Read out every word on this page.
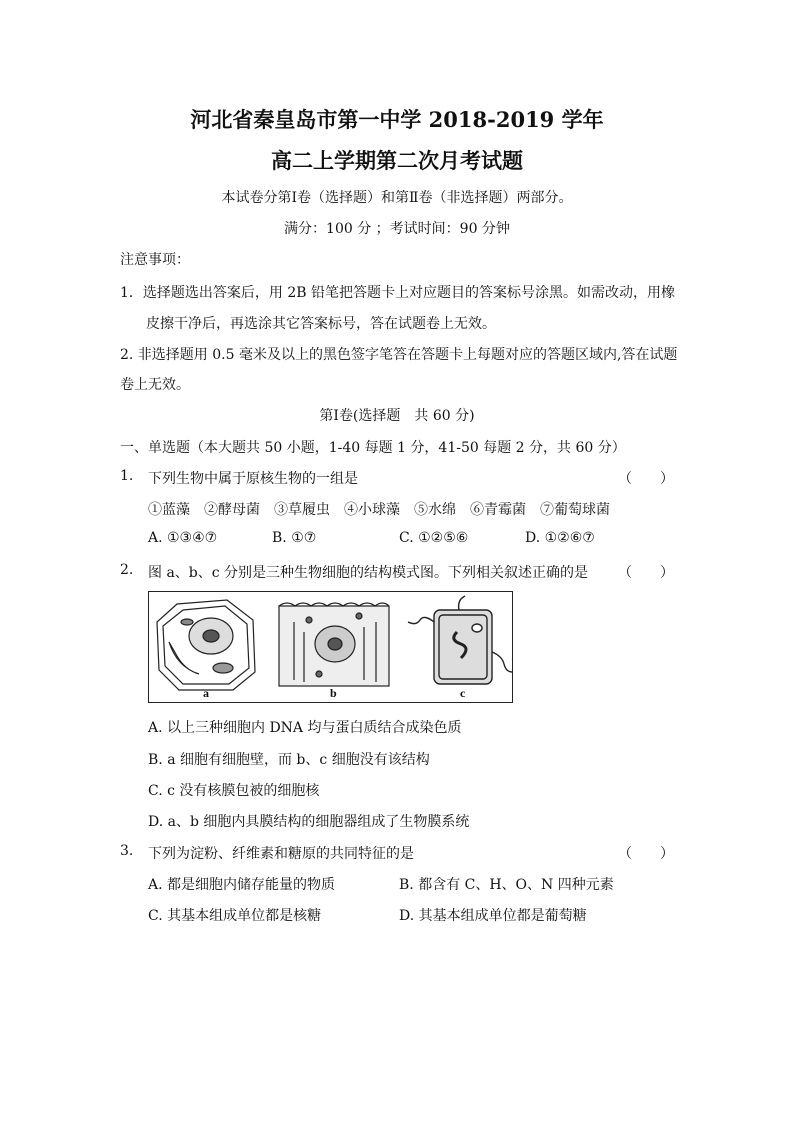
河北省秦皇岛市第一中学 2018-2019 学年
高二上学期第二次月考试题
本试卷分第Ⅰ卷（选择题）和第Ⅱ卷（非选择题）两部分。
满分：100 分 ；考试时间：90 分钟
注意事项：
1．选择题选出答案后，用 2B 铅笔把答题卡上对应题目的答案标号涂黑。如需改动，用橡
皮擦干净后，再选涂其它答案标号，答在试题卷上无效。
2. 非选择题用 0.5 毫米及以上的黑色签字笔答在答题卡上每题对应的答题区域内,答在试题
卷上无效。
第Ⅰ卷(选择题　共 60 分)
一、单选题（本大题共 50 小题，1-40 每题 1 分，41-50 每题 2 分，共 60 分）
1. 下列生物中属于原核生物的一组是	（　　）
①蓝藻　②酵母菌　③草履虫　④小球藻　⑤水绵　⑥青霉菌　⑦葡萄球菌
A. ①③④⑦	B. ①⑦	C. ①②⑤⑥	D. ①②⑥⑦
2. 图 a、b、c 分别是三种生物细胞的结构模式图。下列相关叙述正确的是 （　　）
a	b	c
A. 以上三种细胞内 DNA 均与蛋白质结合成染色质
B. a 细胞有细胞壁，而 b、c 细胞没有该结构
C. c 没有核膜包被的细胞核
D. a、b 细胞内具膜结构的细胞器组成了生物膜系统
3. 下列为淀粉、纤维素和糖原的共同特征的是	（　　）
A. 都是细胞内储存能量的物质	B. 都含有 C、H、O、N 四种元素
C. 其基本组成单位都是核糖	D. 其基本组成单位都是葡萄糖
